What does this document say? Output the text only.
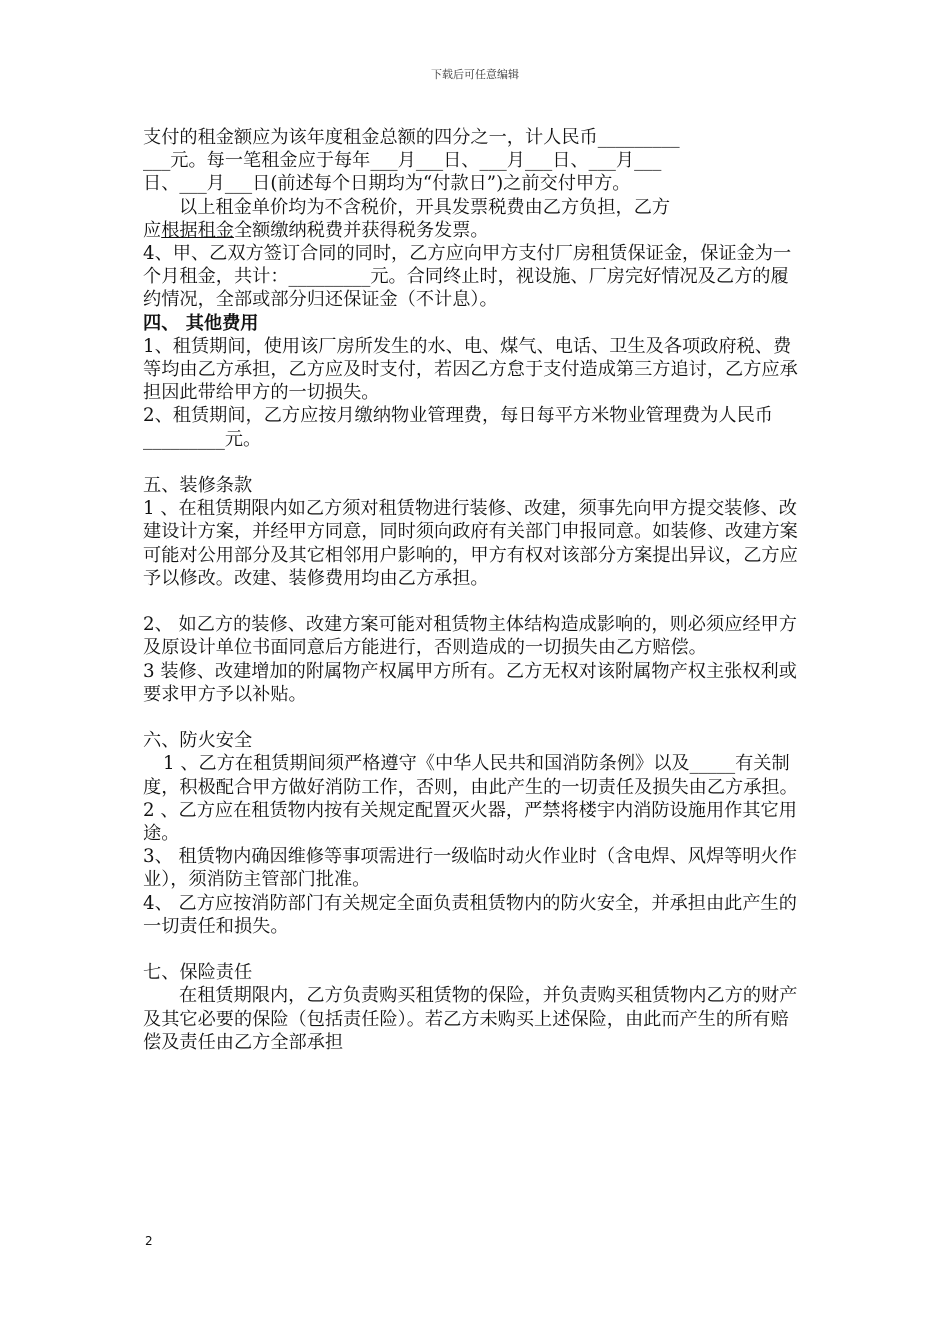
下载后可任意编辑

支付的租金额应为该年度租金总额的四分之一，计人民币_________

___元。每一笔租金应于每年___月___日、___月___日、___月___

日、___月___日(前述每个日期均为“付款日”)之前交付甲方。

以上租金单价均为不含税价，开具发票税费由乙方负担，乙方

应根据租金全额缴纳税费并获得税务发票。

4、甲、乙双方签订合同的同时，乙方应向甲方支付厂房租赁保证金，保证金为一个月租金，共计：_________元。合同终止时，视设施、厂房完好情况及乙方的履约情况，全部或部分归还保证金（不计息）。

四、 其他费用

1、租赁期间，使用该厂房所发生的水、电、煤气、电话、卫生及各项政府税、费等均由乙方承担，乙方应及时支付，若因乙方怠于支付造成第三方追讨，乙方应承担因此带给甲方的一切损失。

2、租赁期间，乙方应按月缴纳物业管理费，每日每平方米物业管理费为人民币_________元。

五、装修条款

1 、在租赁期限内如乙方须对租赁物进行装修、改建，须事先向甲方提交装修、改建设计方案，并经甲方同意，同时须向政府有关部门申报同意。如装修、改建方案可能对公用部分及其它相邻用户影响的，甲方有权对该部分方案提出异议，乙方应予以修改。改建、装修费用均由乙方承担。

2、 如乙方的装修、改建方案可能对租赁物主体结构造成影响的，则必须应经甲方及原设计单位书面同意后方能进行，否则造成的一切损失由乙方赔偿。

3 装修、改建增加的附属物产权属甲方所有。乙方无权对该附属物产权主张权利或要求甲方予以补贴。

六、防火安全

1 、乙方在租赁期间须严格遵守《中华人民共和国消防条例》以及_____有关制度，积极配合甲方做好消防工作，否则，由此产生的一切责任及损失由乙方承担。

2 、乙方应在租赁物内按有关规定配置灭火器，严禁将楼宇内消防设施用作其它用途。

3、 租赁物内确因维修等事项需进行一级临时动火作业时（含电焊、风焊等明火作业），须消防主管部门批准。

4、 乙方应按消防部门有关规定全面负责租赁物内的防火安全，并承担由此产生的一切责任和损失。

七、保险责任

在租赁期限内，乙方负责购买租赁物的保险，并负责购买租赁物内乙方的财产及其它必要的保险（包括责任险）。若乙方未购买上述保险，由此而产生的所有赔偿及责任由乙方全部承担

2
